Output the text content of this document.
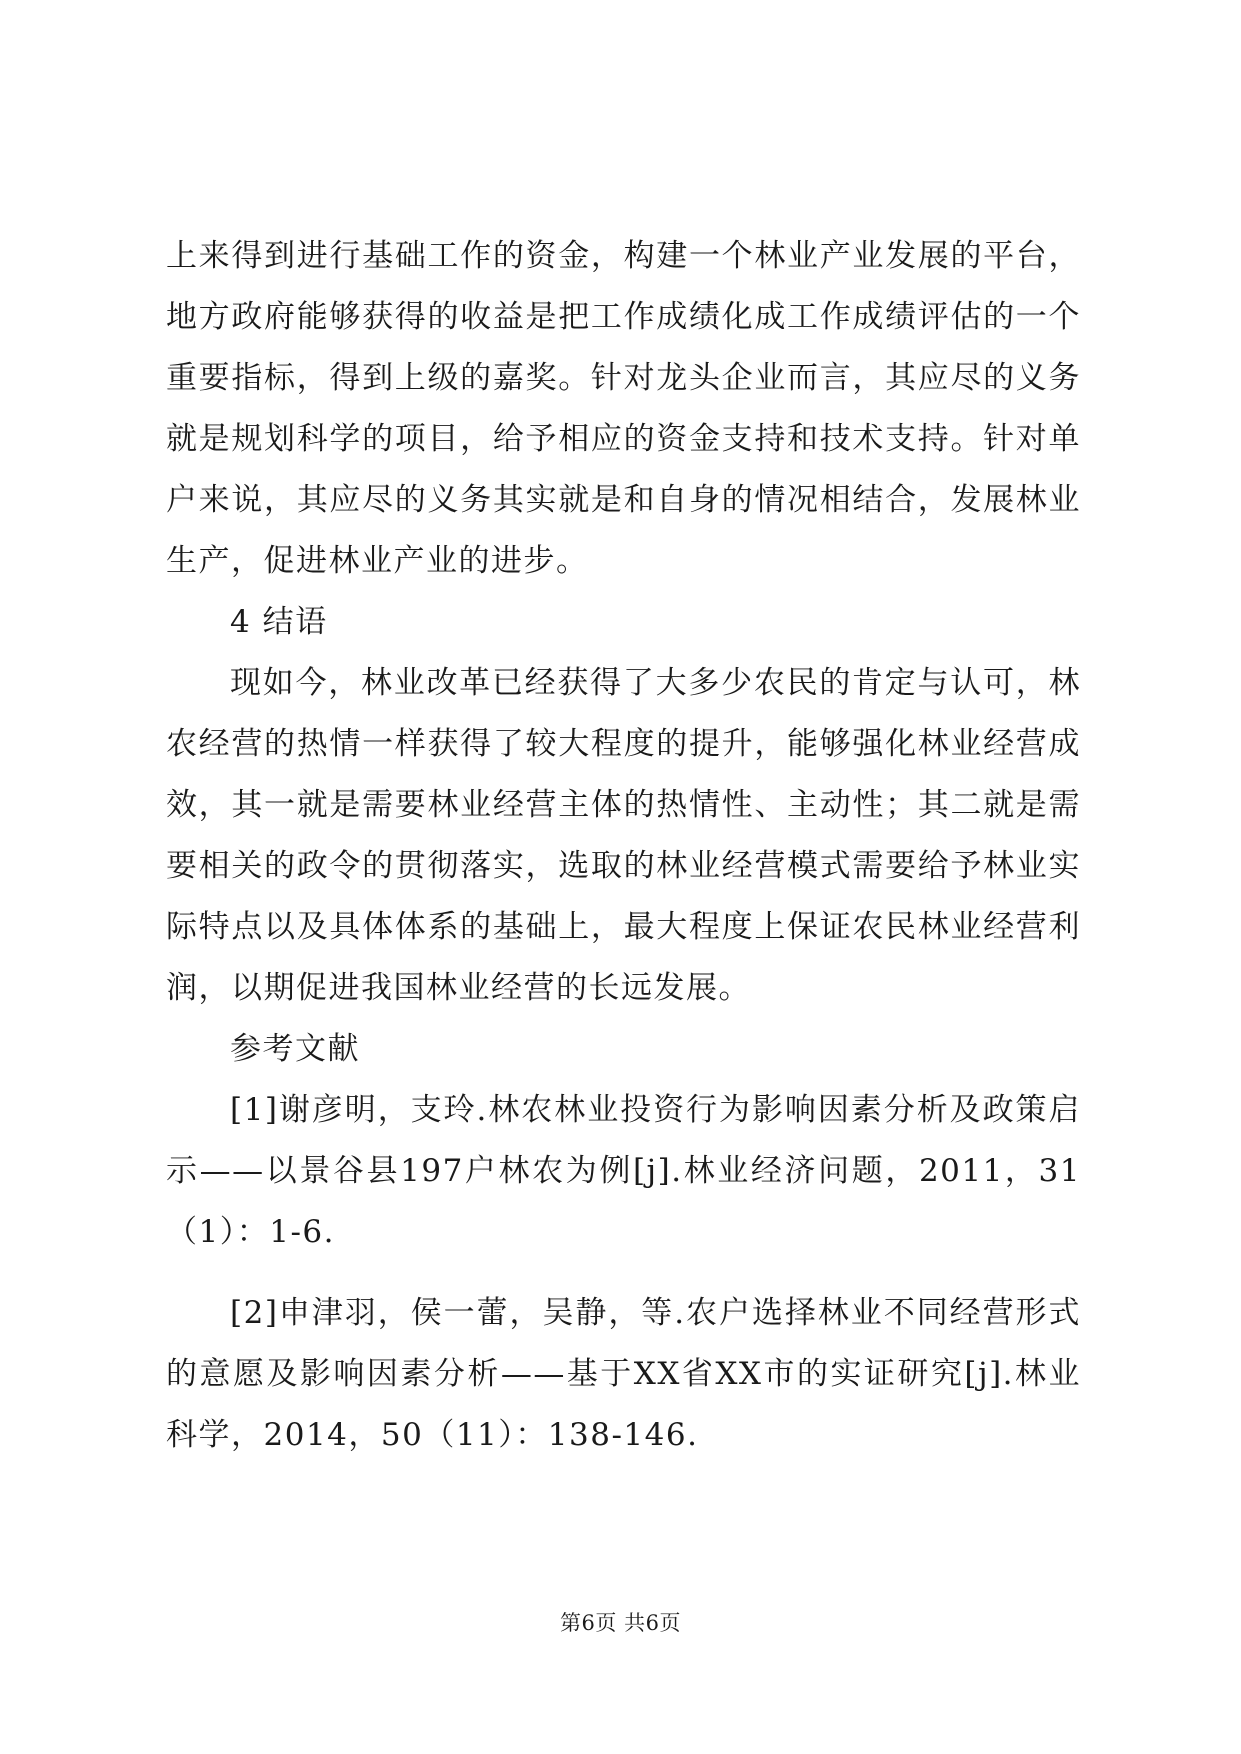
上来得到进行基础工作的资金，构建一个林业产业发展的平台，地方政府能够获得的收益是把工作成绩化成工作成绩评估的一个重要指标，得到上级的嘉奖。针对龙头企业而言，其应尽的义务就是规划科学的项目，给予相应的资金支持和技术支持。针对单户来说，其应尽的义务其实就是和自身的情况相结合，发展林业生产，促进林业产业的进步。

4 结语

现如今，林业改革已经获得了大多少农民的肯定与认可，林农经营的热情一样获得了较大程度的提升，能够强化林业经营成效，其一就是需要林业经营主体的热情性、主动性；其二就是需要相关的政令的贯彻落实，选取的林业经营模式需要给予林业实际特点以及具体体系的基础上，最大程度上保证农民林业经营利润，以期促进我国林业经营的长远发展。

参考文献

[1]谢彦明，支玲.林农林业投资行为影响因素分析及政策启示——以景谷县197户林农为例[j].林业经济问题，2011，31（1）：1-6.

[2]申津羽，侯一蕾，吴静，等.农户选择林业不同经营形式的意愿及影响因素分析——基于XX省XX市的实证研究[j].林业科学，2014，50（11）：138-146.

第6页 共6页
